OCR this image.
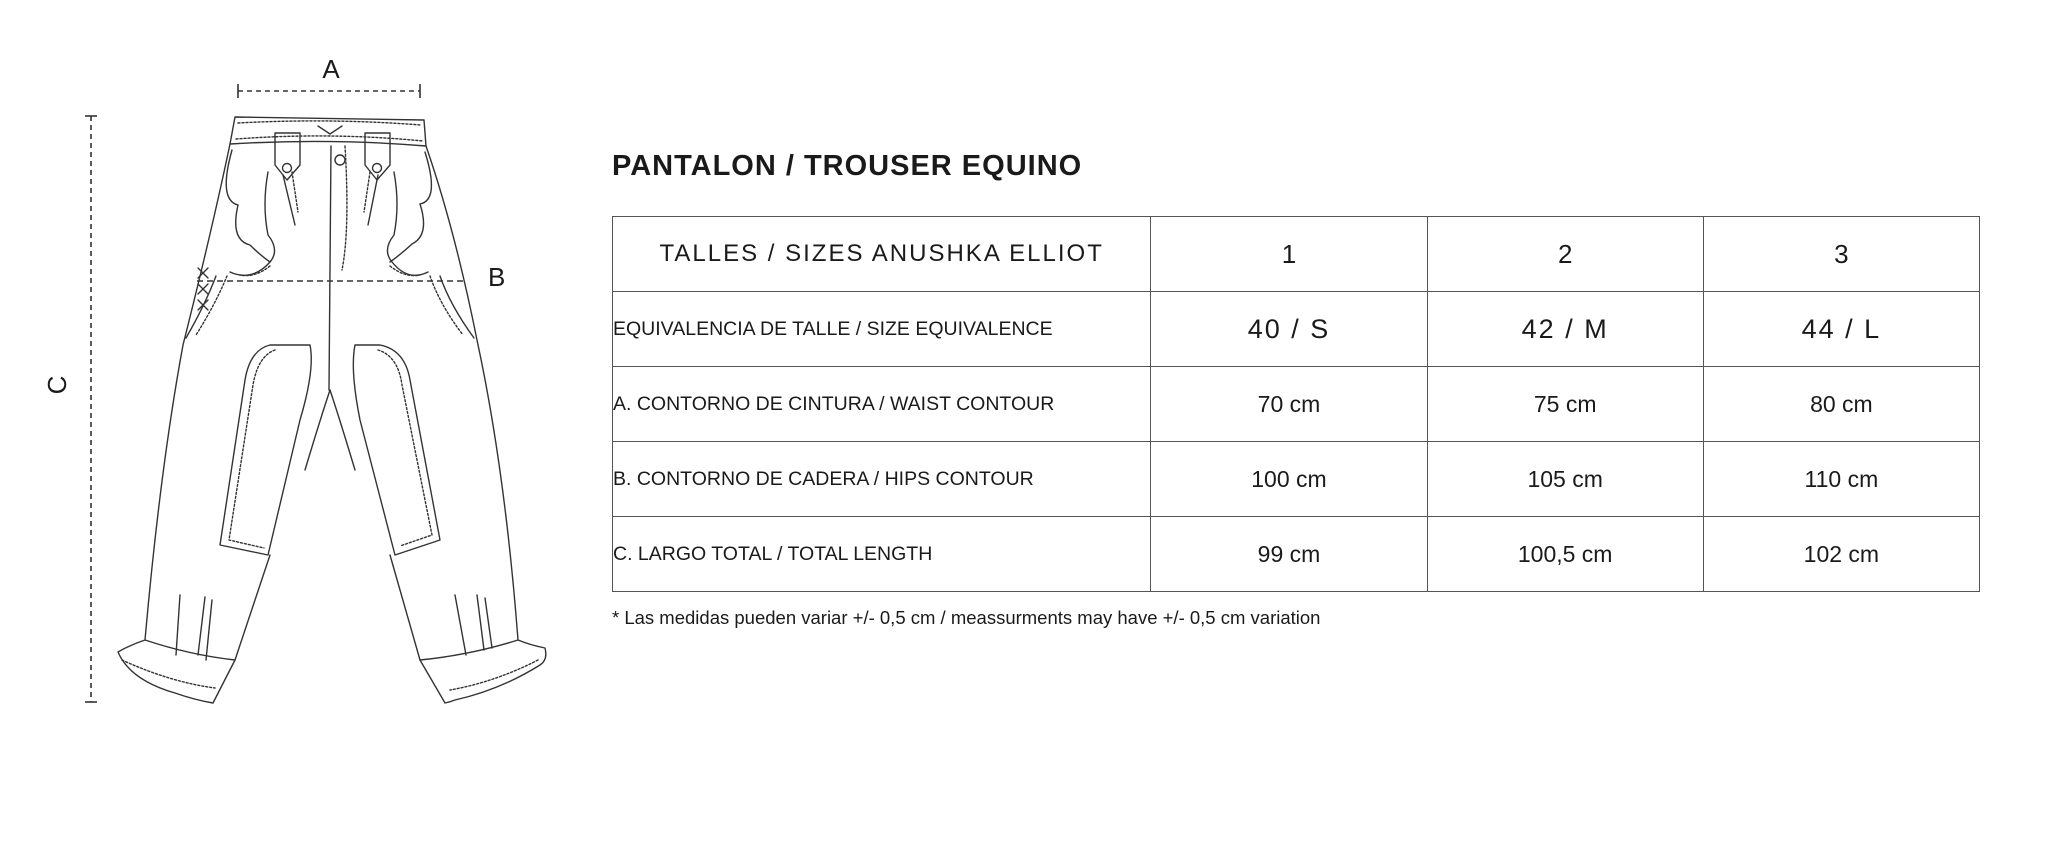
A
B
C
PANTALON / TROUSER EQUINO
TALLES / SIZES ANUSHKA ELLIOT	1	2	3
EQUIVALENCIA DE TALLE / SIZE EQUIVALENCE	40 / S	42 / M	44 / L
A. CONTORNO DE CINTURA / WAIST CONTOUR	70 cm	75 cm	80 cm
B. CONTORNO DE CADERA / HIPS CONTOUR	100 cm	105 cm	110 cm
C. LARGO TOTAL / TOTAL LENGTH	99 cm	100,5 cm	102 cm
* Las medidas pueden variar +/- 0,5 cm / meassurments may have +/- 0,5 cm variation
